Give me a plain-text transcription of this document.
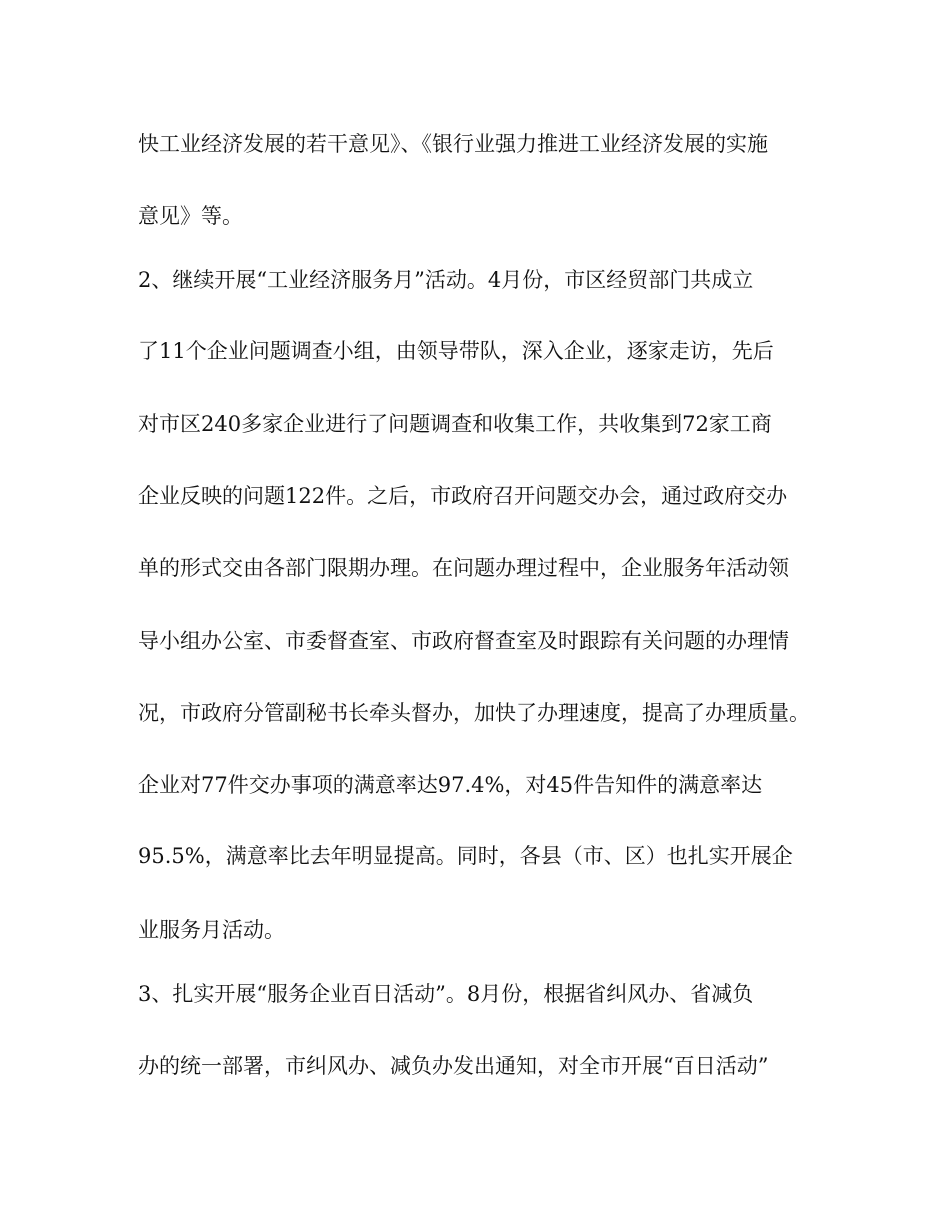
快工业经济发展的若干意见》、《银行业强力推进工业经济发展的实施

意见》等。

2、继续开展“工业经济服务月”活动。4月份，市区经贸部门共成立

了11个企业问题调查小组，由领导带队，深入企业，逐家走访，先后

对市区240多家企业进行了问题调查和收集工作，共收集到72家工商

企业反映的问题122件。之后，市政府召开问题交办会，通过政府交办

单的形式交由各部门限期办理。在问题办理过程中，企业服务年活动领

导小组办公室、市委督查室、市政府督查室及时跟踪有关问题的办理情

况，市政府分管副秘书长牵头督办，加快了办理速度，提高了办理质量。

企业对77件交办事项的满意率达97.4%，对45件告知件的满意率达

95.5%，满意率比去年明显提高。同时，各县（市、区）也扎实开展企

业服务月活动。

3、扎实开展“服务企业百日活动”。8月份，根据省纠风办、省减负

办的统一部署，市纠风办、减负办发出通知，对全市开展“百日活动”
